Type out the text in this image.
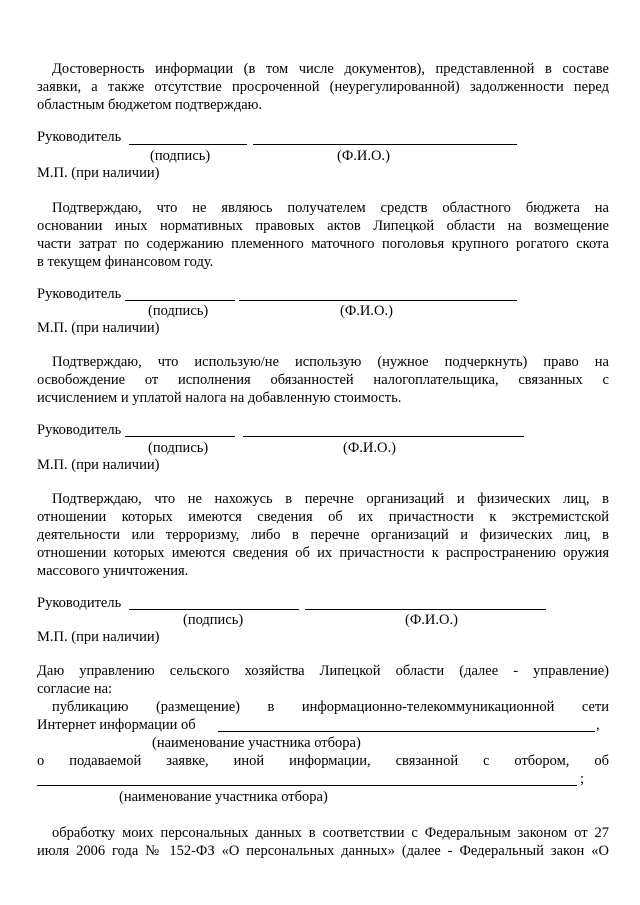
Достоверность информации (в том числе документов), представленной в составе
заявки, а также отсутствие просроченной (неурегулированной) задолженности перед
областным бюджетом подтверждаю.
Руководитель
(подпись)	(Ф.И.О.)
М.П. (при наличии)
Подтверждаю, что не являюсь получателем средств областного бюджета на
основании иных нормативных правовых актов Липецкой области на возмещение
части затрат по содержанию племенного маточного поголовья крупного рогатого скота
в текущем финансовом году.
Руководитель
(подпись)	(Ф.И.О.)
М.П. (при наличии)
Подтверждаю, что использую/не использую (нужное подчеркнуть) право на
освобождение от исполнения обязанностей налогоплательщика, связанных с
исчислением и уплатой налога на добавленную стоимость.
Руководитель
(подпись)	(Ф.И.О.)
М.П. (при наличии)
Подтверждаю, что не нахожусь в перечне организаций и физических лиц, в
отношении которых имеются сведения об их причастности к экстремистской
деятельности или терроризму, либо в перечне организаций и физических лиц, в
отношении которых имеются сведения об их причастности к распространению оружия
массового уничтожения.
Руководитель
(подпись)	(Ф.И.О.)
М.П. (при наличии)
Даю управлению сельского хозяйства Липецкой области (далее - управление)
согласие на:
публикацию (размещение) в информационно-телекоммуникационной сети
Интернет информации об	,
(наименование участника отбора)
о подаваемой заявке, иной информации, связанной с отбором, об
;
(наименование участника отбора)
обработку моих персональных данных в соответствии с Федеральным законом от 27
июля 2006 года № 152-ФЗ «О персональных данных» (далее - Федеральный закон «О
